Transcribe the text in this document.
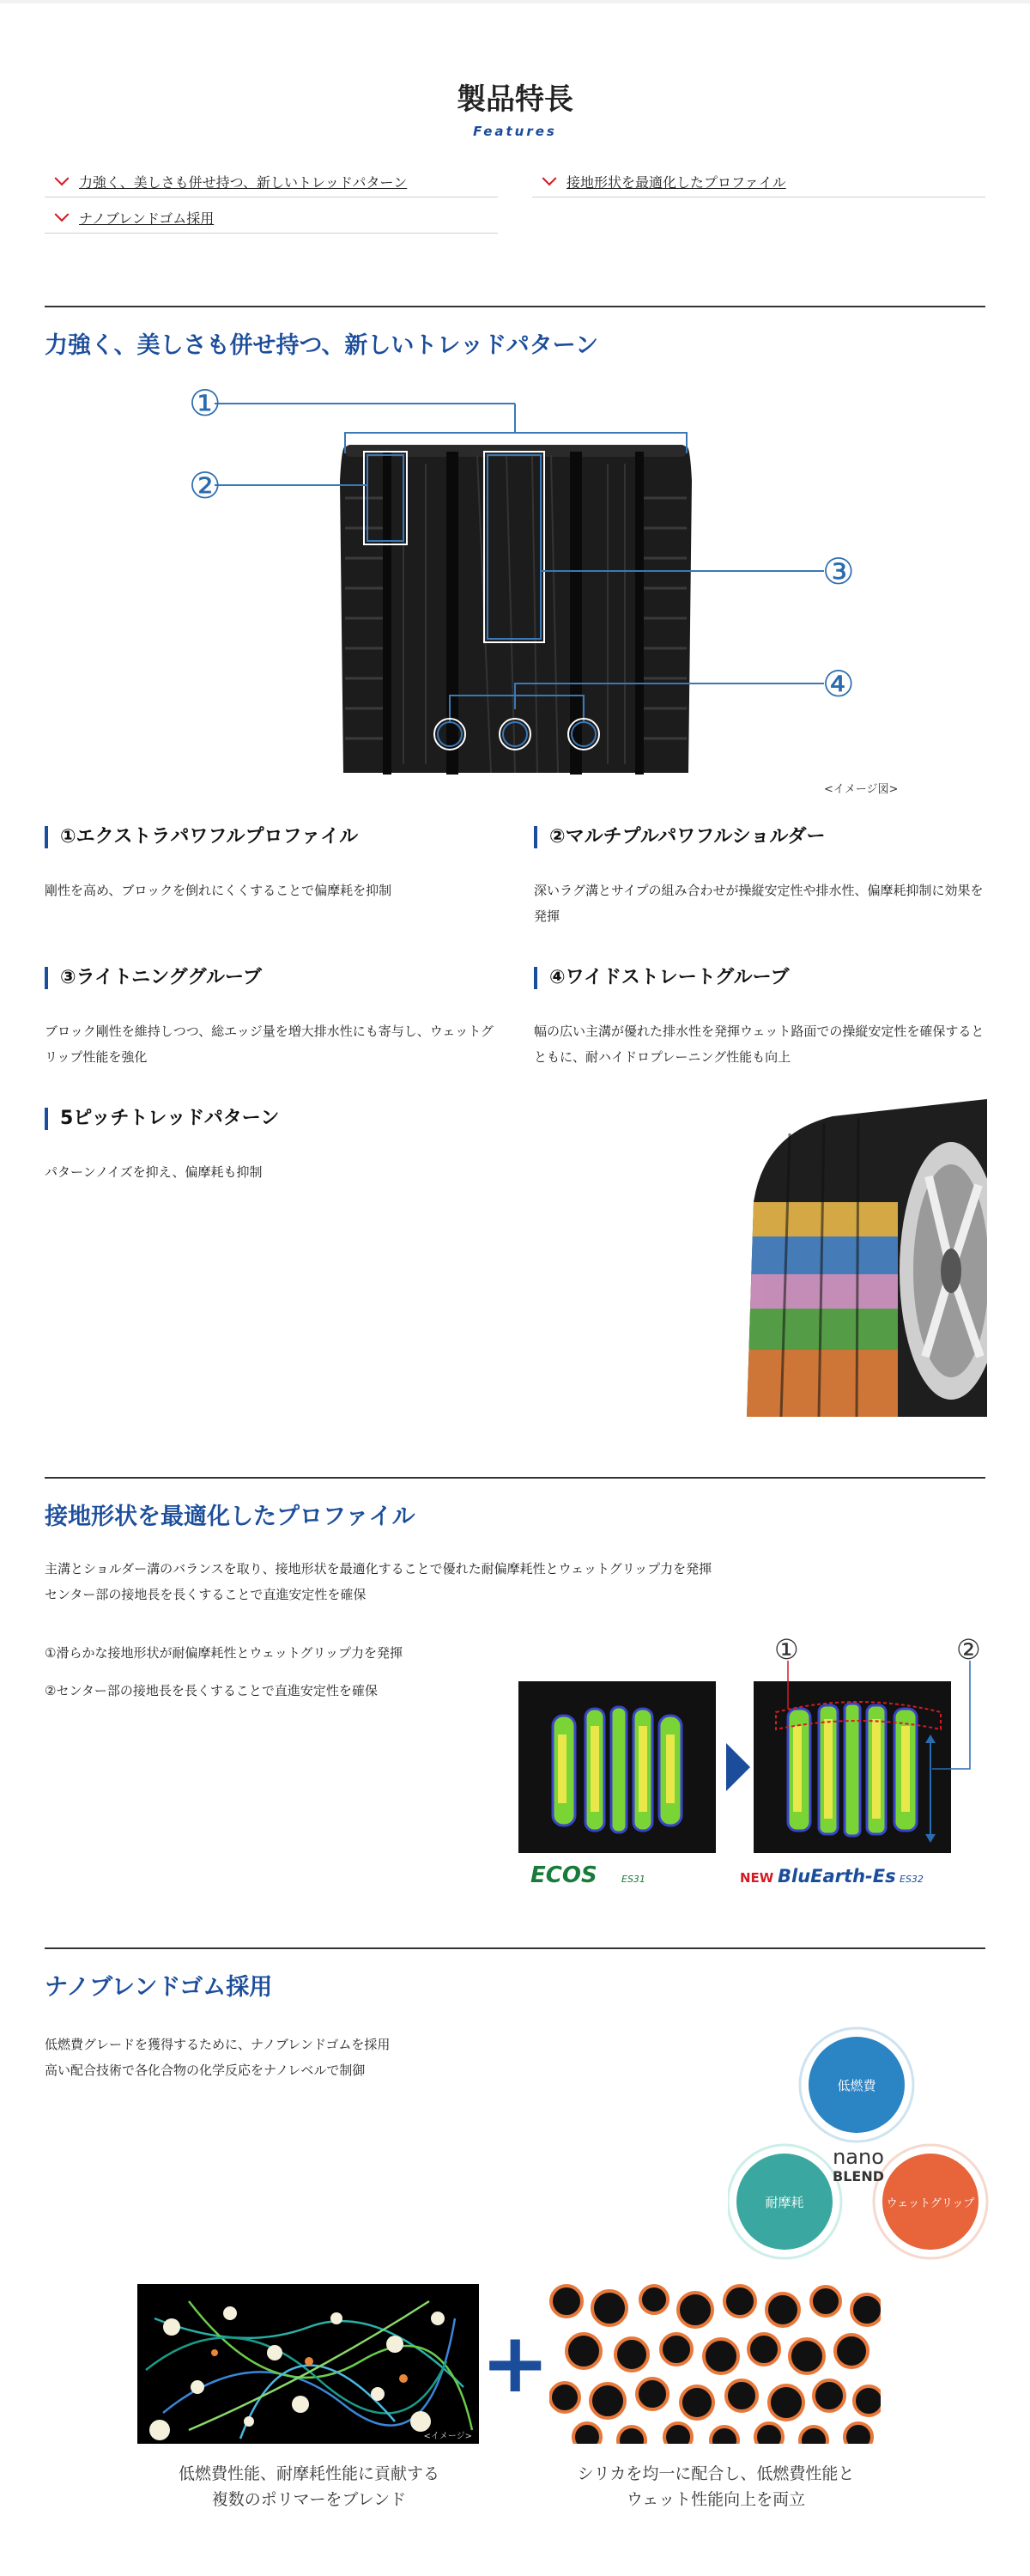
製品特長
Features
力強く、美しさも併せ持つ、新しいトレッドパターン
ナノブレンドゴム採用
接地形状を最適化したプロファイル
力強く、美しさも併せ持つ、新しいトレッドパターン
①
②
③
④
<イメージ図>
①エクストラパワフルプロファイル
剛性を高め、ブロックを倒れにくくすることで偏摩耗を抑制
②マルチプルパワフルショルダー
深いラグ溝とサイプの組み合わせが操縦安定性や排水性、偏摩耗抑制に効果を発揮
③ライトニンググルーブ
ブロック剛性を維持しつつ、総エッジ量を増大排水性にも寄与し、ウェットグリップ性能を強化
④ワイドストレートグルーブ
幅の広い主溝が優れた排水性を発揮ウェット路面での操縦安定性を確保するとともに、耐ハイドロプレーニング性能も向上
5ピッチトレッドパターン
パターンノイズを抑え、偏摩耗も抑制
接地形状を最適化したプロファイル
主溝とショルダー溝のバランスを取り、接地形状を最適化することで優れた耐偏摩耗性とウェットグリップ力を発揮
センター部の接地長を長くすることで直進安定性を確保
①滑らかな接地形状が耐偏摩耗性とウェットグリップ力を発揮
②センター部の接地長を長くすることで直進安定性を確保
①	②
ECOS	ES31	NEW BluEarth-Es ES32
ナノブレンドゴム採用
低燃費グレードを獲得するために、ナノブレンドゴムを採用
高い配合技術で各化合物の化学反応をナノレベルで制御
低燃費
耐摩耗	ウェットグリップ
nano
BLEND
<イメージ>
+
低燃費性能、耐摩耗性能に貢献する
複数のポリマーをブレンド
シリカを均一に配合し、低燃費性能と
ウェット性能向上を両立
